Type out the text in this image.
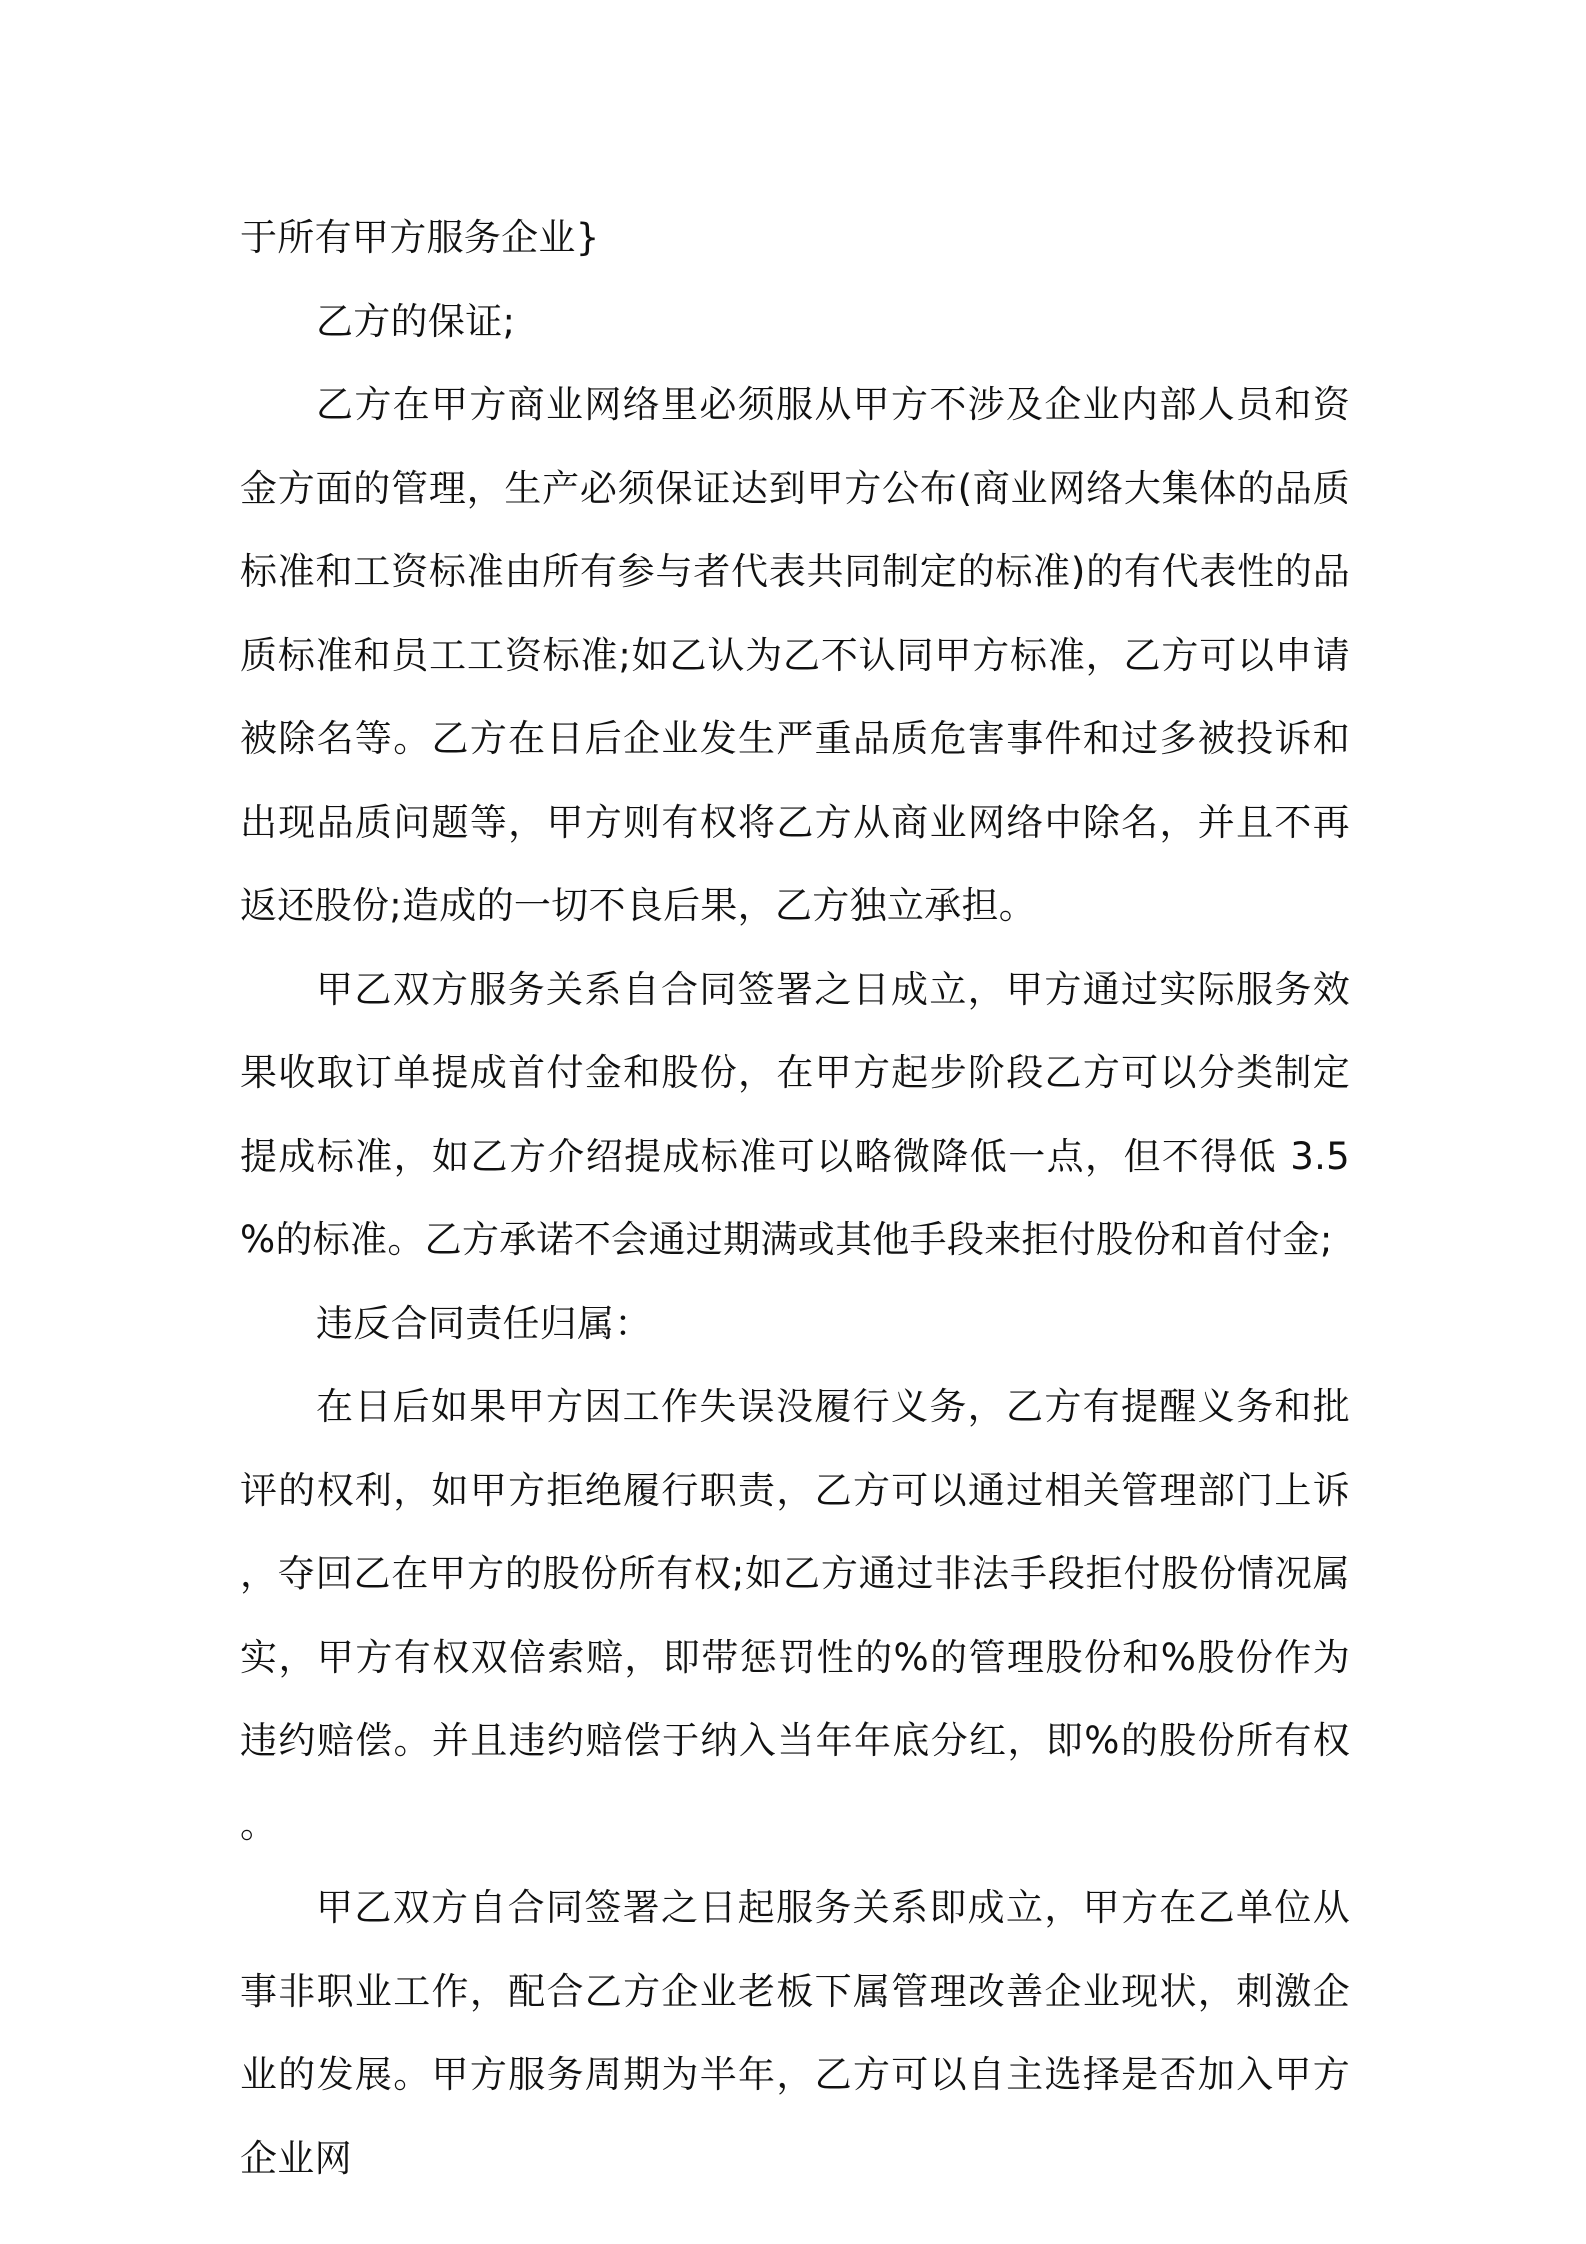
于所有甲方服务企业}

乙方的保证;

乙方在甲方商业网络里必须服从甲方不涉及企业内部人员和资金方面的管理，生产必须保证达到甲方公布(商业网络大集体的品质标准和工资标准由所有参与者代表共同制定的标准)的有代表性的品质标准和员工工资标准;如乙认为乙不认同甲方标准，乙方可以申请被除名等。乙方在日后企业发生严重品质危害事件和过多被投诉和出现品质问题等，甲方则有权将乙方从商业网络中除名，并且不再返还股份;造成的一切不良后果，乙方独立承担。

甲乙双方服务关系自合同签署之日成立，甲方通过实际服务效果收取订单提成首付金和股份，在甲方起步阶段乙方可以分类制定提成标准，如乙方介绍提成标准可以略微降低一点，但不得低 3.5%的标准。乙方承诺不会通过期满或其他手段来拒付股份和首付金;

违反合同责任归属：

在日后如果甲方因工作失误没履行义务，乙方有提醒义务和批评的权利，如甲方拒绝履行职责，乙方可以通过相关管理部门上诉，夺回乙在甲方的股份所有权;如乙方通过非法手段拒付股份情况属实，甲方有权双倍索赔，即带惩罚性的%的管理股份和%股份作为违约赔偿。并且违约赔偿于纳入当年年底分红，即%的股份所有权。

甲乙双方自合同签署之日起服务关系即成立，甲方在乙单位从事非职业工作，配合乙方企业老板下属管理改善企业现状，刺激企业的发展。甲方服务周期为半年，乙方可以自主选择是否加入甲方企业网
